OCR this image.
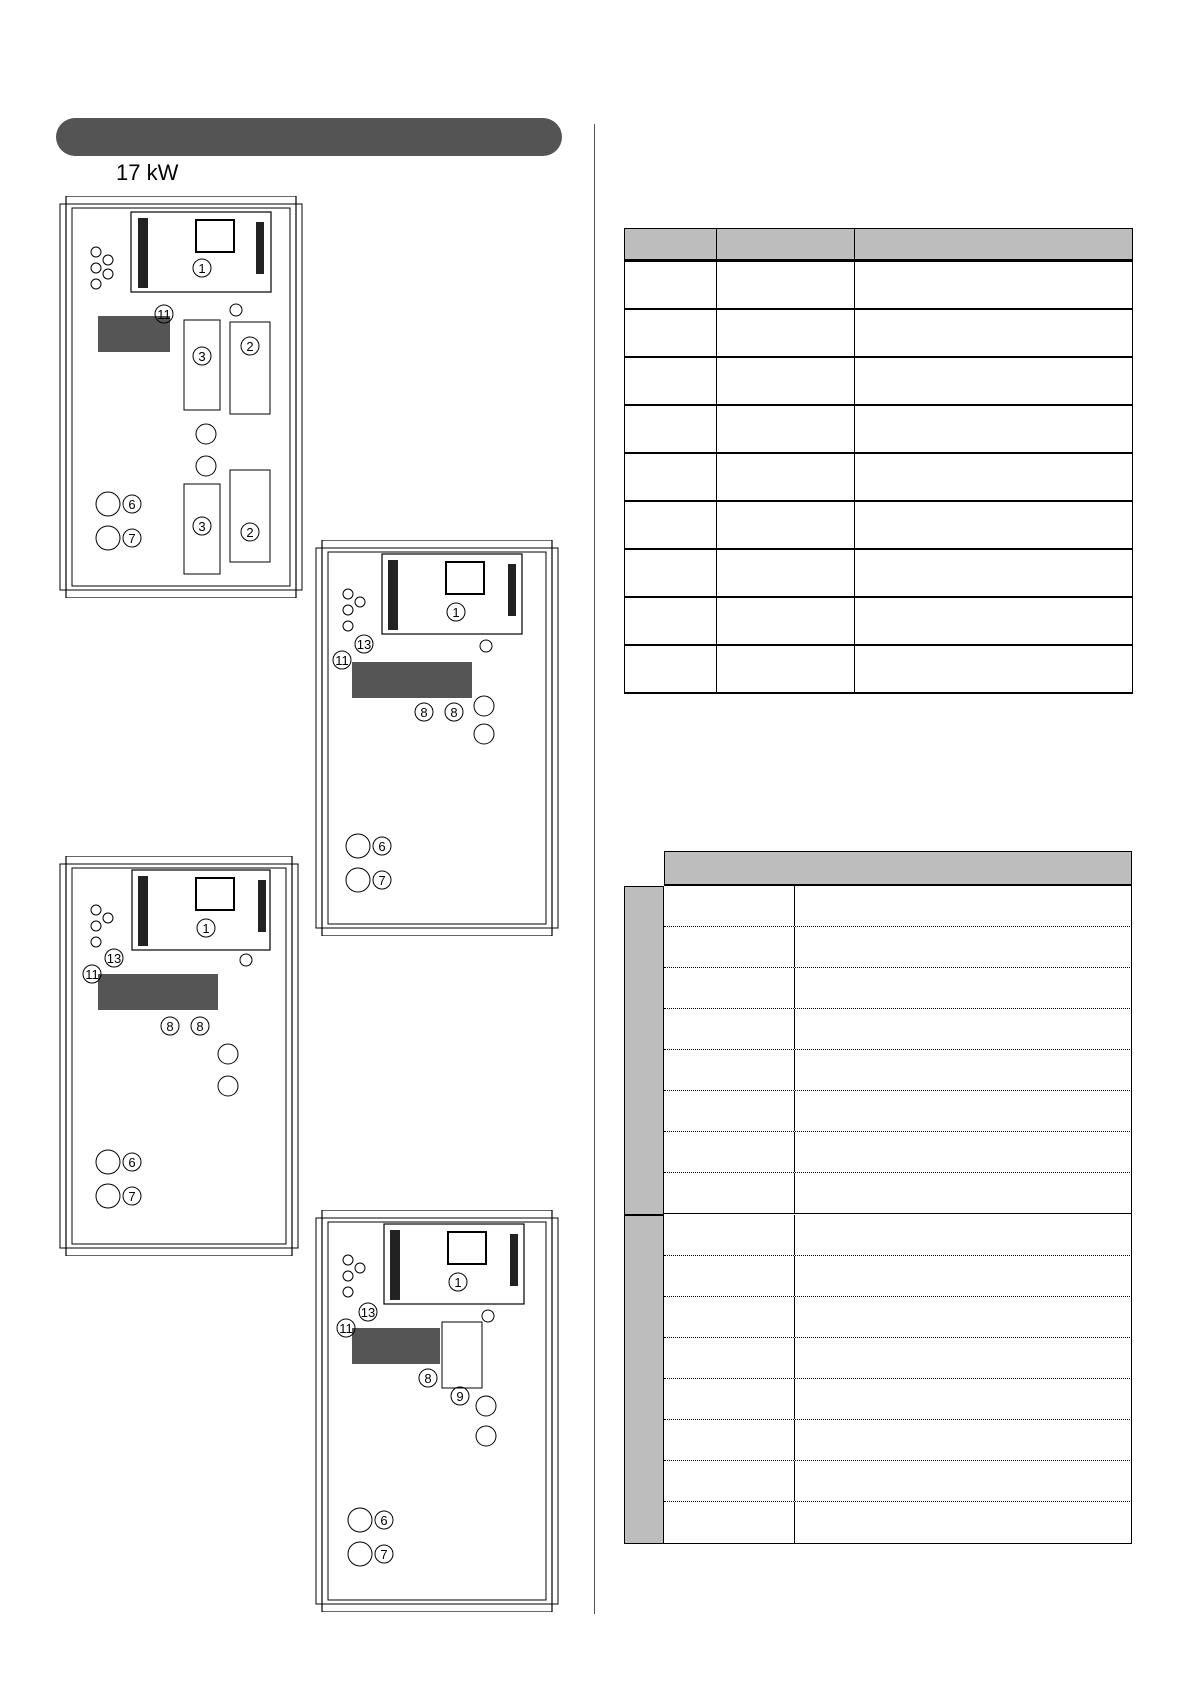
17 kW
1
11
3
2
3	2
6
7
1
13
11
8 8
6
7
1
13
11
8 8
6
7
1
13
11
8
9
6
7
